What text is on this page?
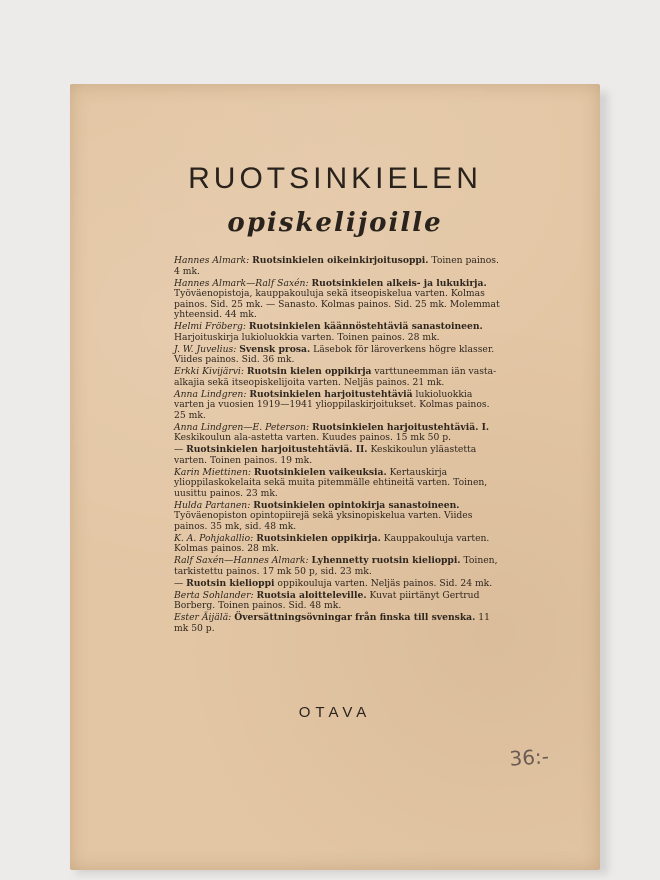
RUOTSINKIELEN
opiskelijoille

Hannes Almark: Ruotsinkielen oikeinkirjoitusoppi. Toinen painos. 4 mk.

Hannes Almark—Ralf Saxén: Ruotsinkielen alkeis- ja lukukirja. Työväenopistoja, kauppakouluja sekä itseopiskelua varten. Kolmas painos. Sid. 25 mk. — Sanasto. Kolmas painos. Sid. 25 mk. Molemmat yhteensid. 44 mk.

Helmi Fröberg: Ruotsinkielen käännöstehtäviä sanastoineen. Harjoituskirja lukioluokkia varten. Toinen painos. 28 mk.

J. W. Juvelius: Svensk prosa. Läsebok för läroverkens högre klasser. Viides painos. Sid. 36 mk.

Erkki Kivijärvi: Ruotsin kielen oppikirja varttuneemman iän vasta-alkajia sekä itseopiskelijoita varten. Neljäs painos. 21 mk.

Anna Lindgren: Ruotsinkielen harjoitustehtäviä lukioluokkia varten ja vuosien 1919—1941 ylioppilaskirjoitukset. Kolmas painos. 25 mk.

Anna Lindgren—E. Peterson: Ruotsinkielen harjoitustehtäviä. I. Keskikoulun ala-astetta varten. Kuudes painos. 15 mk 50 p.

— Ruotsinkielen harjoitustehtäviä. II. Keskikoulun yläastetta varten. Toinen painos. 19 mk.

Karin Miettinen: Ruotsinkielen vaikeuksia. Kertauskirja ylioppilaskokelaita sekä muita pitemmälle ehtineitä varten. Toinen, uusittu painos. 23 mk.

Hulda Partanen: Ruotsinkielen opintokirja sanastoineen. Työväenopiston opintopiirejä sekä yksinopiskelua varten. Viides painos. 35 mk, sid. 48 mk.

K. A. Pohjakallio: Ruotsinkielen oppikirja. Kauppakouluja varten. Kolmas painos. 28 mk.

Ralf Saxén—Hannes Almark: Lyhennetty ruotsin kielioppi. Toinen, tarkistettu painos. 17 mk 50 p, sid. 23 mk.

— Ruotsin kielioppi oppikouluja varten. Neljäs painos. Sid. 24 mk.

Berta Sohlander: Ruotsia aloitteleville. Kuvat piirtänyt Gertrud Borberg. Toinen painos. Sid. 48 mk.

Ester Äijälä: Översättningsövningar från finska till svenska. 11 mk 50 p.

OTAVA
36:-
